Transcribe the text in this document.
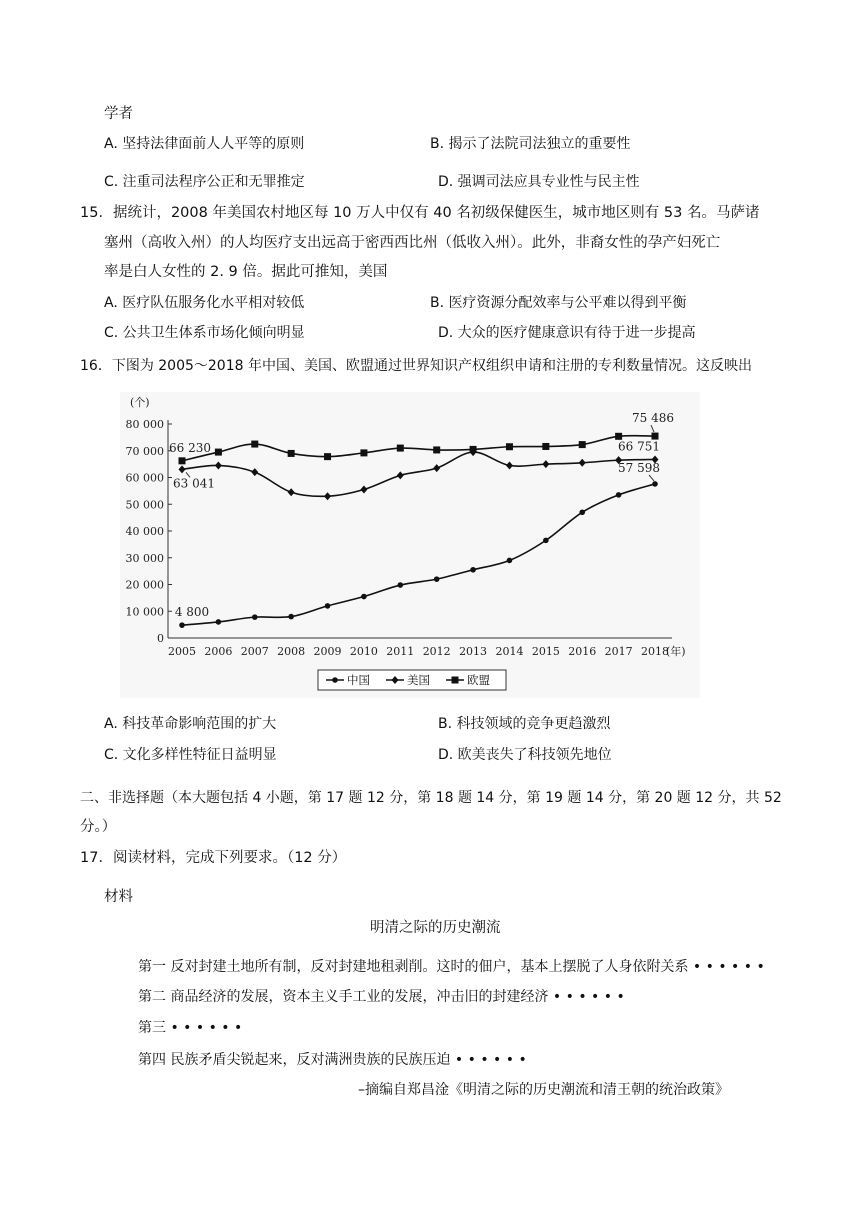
学者
A. 坚持法律面前人人平等的原则	B. 揭示了法院司法独立的重要性
C. 注重司法程序公正和无罪推定	D. 强调司法应具专业性与民主性
15．据统计，2008 年美国农村地区每 10 万人中仅有 40 名初级保健医生，城市地区则有 53 名。马萨诸
塞州（高收入州）的人均医疗支出远高于密西西比州（低收入州）。此外，非裔女性的孕产妇死亡
率是白人女性的 2. 9 倍。据此可推知，美国
A. 医疗队伍服务化水平相对较低	B. 医疗资源分配效率与公平难以得到平衡
C. 公共卫生体系市场化倾向明显	D. 大众的医疗健康意识有待于进一步提高
16．下图为 2005～2018 年中国、美国、欧盟通过世界知识产权组织申请和注册的专利数量情况。这反映出
0
10 000
20 000
30 000
40 000
50 000
60 000
70 000
80 000
(个)
2005 2006 2007 2008 2009 2010 2011 2012 2013 2014 2015 2016 2017 2018
(年)
66 230
63 041
4 800
75 486
66 751
57 598
中国	美国	欧盟
A. 科技革命影响范围的扩大	B. 科技领域的竞争更趋激烈
C. 文化多样性特征日益明显	D. 欧美丧失了科技领先地位
二、非选择题（本大题包括 4 小题，第 17 题 12 分，第 18 题 14 分，第 19 题 14 分，第 20 题 12 分，共 52
分。）
17．阅读材料，完成下列要求。（12 分）
材料
明清之际的历史潮流
第一 反对封建土地所有制，反对封建地租剥削。这时的佃户，基本上摆脱了人身依附关系 • • • • • •
第二 商品经济的发展，资本主义手工业的发展，冲击旧的封建经济 • • • • • •
第三 • • • • • •
第四 民族矛盾尖锐起来，反对满洲贵族的民族压迫 • • • • • •
–摘编自郑昌淦《明清之际的历史潮流和清王朝的统治政策》
